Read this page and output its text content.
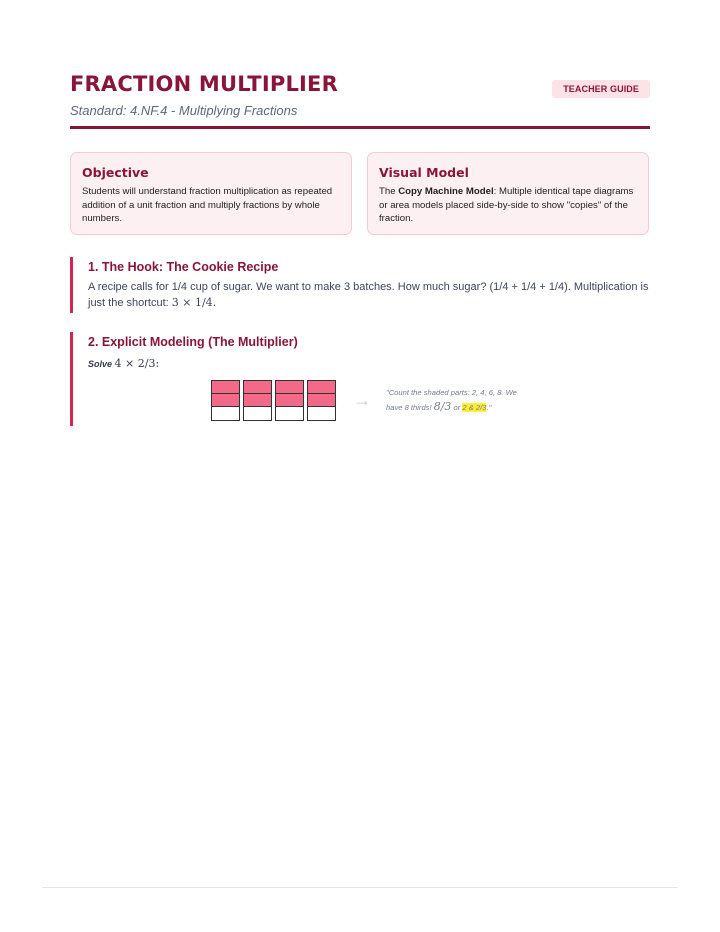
FRACTION MULTIPLIER
Standard: 4.NF.4 - Multiplying Fractions
TEACHER GUIDE

Objective

Students will understand fraction multiplication as repeated addition of a unit fraction and multiply fractions by whole numbers.

Visual Model

The Copy Machine Model: Multiple identical tape diagrams or area models placed side-by-side to show "copies" of the fraction.

1. The Hook: The Cookie Recipe

A recipe calls for 1/4 cup of sugar. We want to make 3 batches. How much sugar? (1/4 + 1/4 + 1/4). Multiplication is just the shortcut: 3 × 1/4.

2. Explicit Modeling (The Multiplier)

Solve 4 × 2/3:
→ "Count the shaded parts: 2, 4, 6, 8. We have 8 thirds! 8/3 or 2 & 2/3."
